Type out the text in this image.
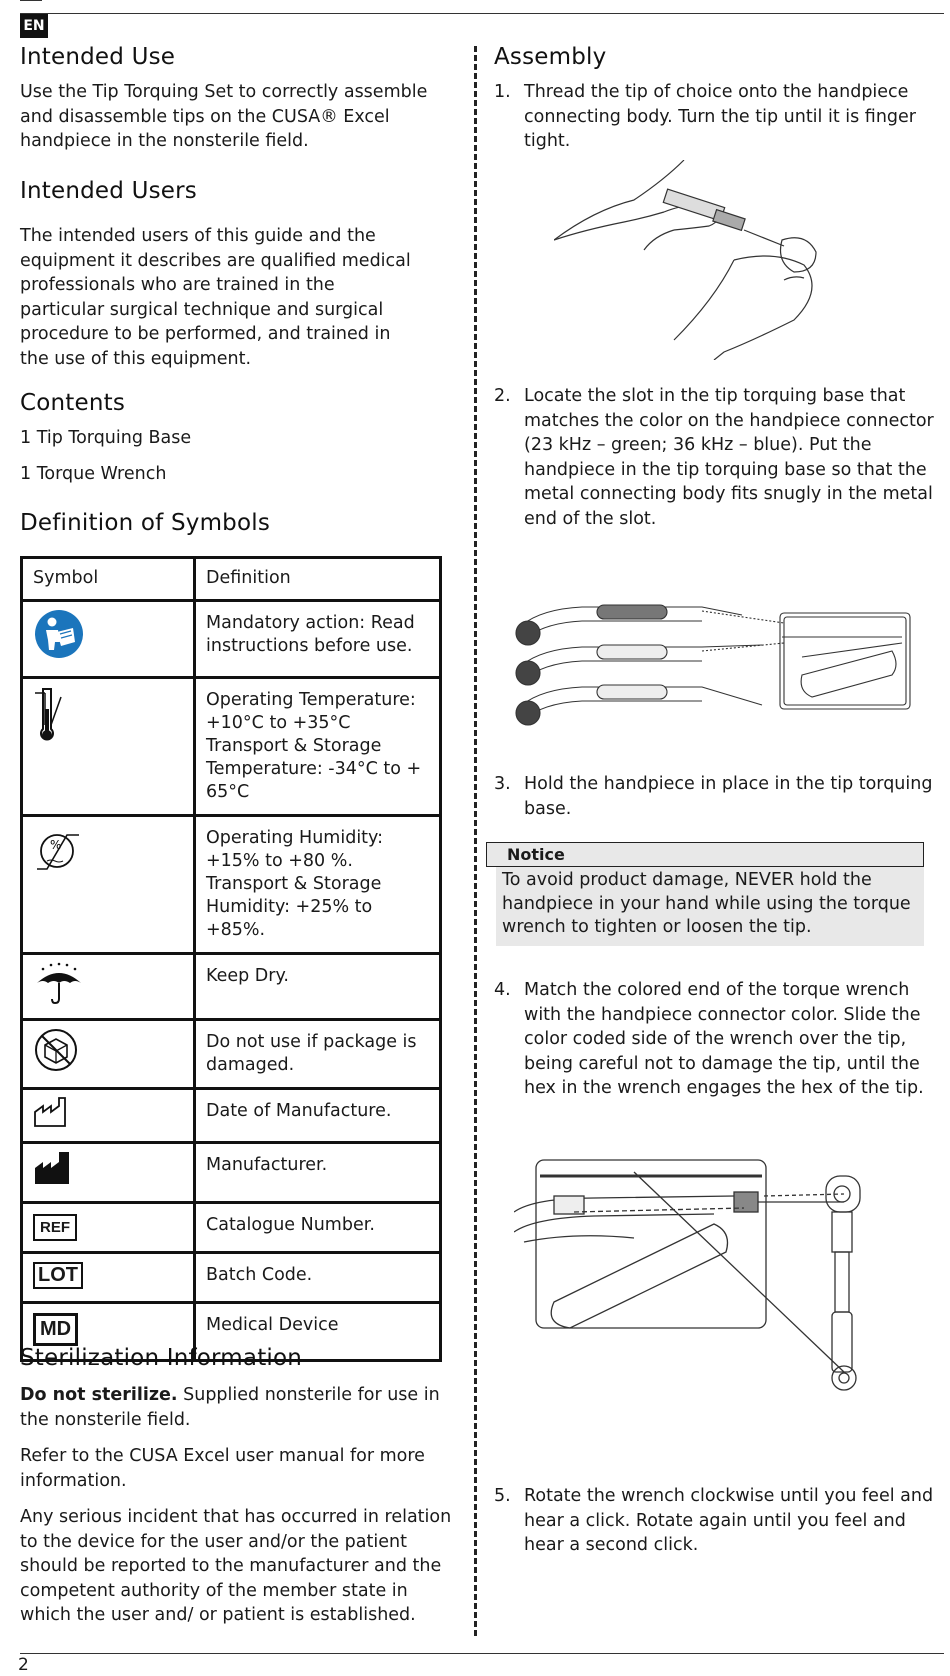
EN
Intended Use

Use the Tip Torquing Set to correctly assemble and disassemble tips on the CUSA® Excel handpiece in the nonsterile field.

Intended Users

The intended users of this guide and the equipment it describes are qualified medical professionals who are trained in the particular surgical technique and surgical procedure to be performed, and trained in the use of this equipment.

Contents

1 Tip Torquing Base

1 Torque Wrench

Definition of Symbols
Symbol	Definition
	Mandatory action: Read instructions before use.
	Operating Temperature: +10°C to +35°C Transport & Storage Temperature: -34°C to + 65°C

%	Operating Humidity: +15% to +80 %. Transport & Storage Humidity: +25% to +85%.
	Keep Dry.
	Do not use if package is damaged.
	Date of Manufacture.
	Manufacturer.
REF	Catalogue Number.
LOT	Batch Code.
MD	Medical Device
Sterilization Information

Do not sterilize. Supplied nonsterile for use in the nonsterile field.

Refer to the CUSA Excel user manual for more information.

Any serious incident that has occurred in relation to the device for the user and/or the patient should be reported to the manufacturer and the competent authority of the member state in which the user and/ or patient is established.

Assembly
1. Thread the tip of choice onto the handpiece connecting body. Turn the tip until it is finger tight.
2. Locate the slot in the tip torquing base that matches the color on the handpiece connector (23 kHz – green; 36 kHz – blue). Put the handpiece in the tip torquing base so that the metal connecting body fits snugly in the metal end of the slot.
3. Hold the handpiece in place in the tip torquing base.
Notice
To avoid product damage, NEVER hold the handpiece in your hand while using the torque wrench to tighten or loosen the tip.
4. Match the colored end of the torque wrench with the handpiece connector color. Slide the color coded side of the wrench over the tip, being careful not to damage the tip, until the hex in the wrench engages the hex of the tip.
5. Rotate the wrench clockwise until you feel and hear a click. Rotate again until you feel and hear a second click.
2
